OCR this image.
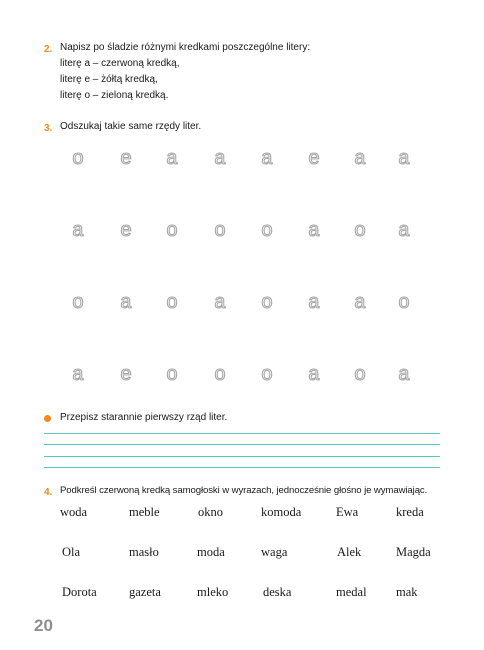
2. Napisz po śladzie różnymi kredkami poszczególne litery:
literę a – czerwoną kredką,
literę e – żółtą kredką,
literę o – zieloną kredką.
3. Odszukaj takie same rzędy liter.
o e a a a e a a
a e o o o a o a
o a o a o a a o
a e o o o a o a
Przepisz starannie pierwszy rząd liter.
4. Podkreśl czerwoną kredką samogłoski w wyrazach, jednocześnie głośno je wymawiając.
woda	meble	okno	komoda	Ewa	kreda
Ola	masło	moda	waga	Alek	Magda
Dorota	gazeta	mleko	deska	medal mak
20
